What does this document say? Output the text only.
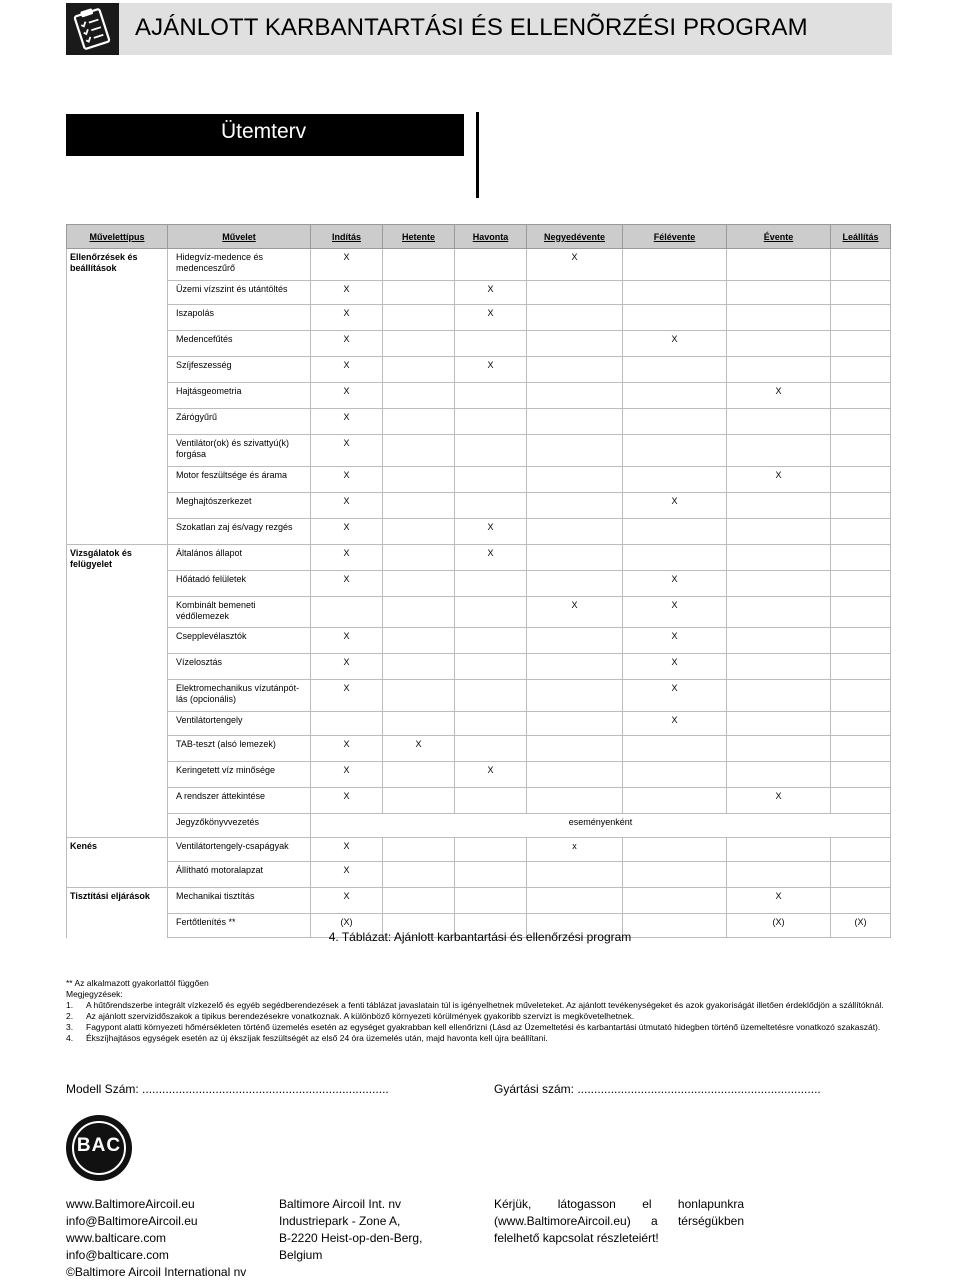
AJÁNLOTT KARBANTARTÁSI ÉS ELLENÕRZÉSI PROGRAM
Ütemterv
Művelettípus	Művelet	Indítás	Hetente	Havonta	Negyedévente	Félévente	Évente	Leállítás
Ellenőrzések és beállítások	Hidegvíz-medence és medenceszűrő	X			X			
	Üzemi vízszint és utántöltés	X		X				
	Iszapolás	X		X				
	Medencefűtés	X				X		
	Szíjfeszesség	X		X				
	Hajtásgeometria	X					X	
	Zárógyűrű	X						
	Ventilátor(ok) és szivattyú(k) forgása	X						
	Motor feszültsége és árama	X					X	
	Meghajtószerkezet	X				X		
	Szokatlan zaj és/vagy rezgés	X		X				
Vizsgálatok és felügyelet	Általános állapot	X		X				
	Hőátadó felületek	X				X		
	Kombinált bemeneti védőlemezek				X	X		
	Csepplevélasztók	X				X		
	Vízelosztás	X				X		
	Elektromechanikus vízutánpót-lás (opcionális)	X				X		
	Ventilátortengely					X		
	TAB-teszt (alsó lemezek)	X	X					
	Keringetett víz minősége	X		X				
	A rendszer áttekintése	X					X	
	Jegyzőkönyvvezetés	eseményenként						
Kenés	Ventilátortengely-csapágyak	X			x			
	Állítható motoralapzat	X						
Tisztítási eljárások	Mechanikai tisztítás	X					X	
	Fertőtlenítés **	(X)					(X)	(X)
4. Táblázat: Ajánlott karbantartási és ellenőrzési program
** Az alkalmazott gyakorlattól függően
Megjegyzések:
1.	A hűtőrendszerbe integrált vízkezelő és egyéb segédberendezések a fenti táblázat javaslatain túl is igényelhetnek műveleteket. Az ajánlott tevékenységeket és azok gyakoriságát illetően érdeklődjön a szállítóknál.
2.	Az ajánlott szervizidőszakok a tipikus berendezésekre vonatkoznak. A különböző környezeti körülmények gyakoribb szervizt is megkövetelhetnek.
3.	Fagypont alatti környezeti hőmérsékleten történő üzemelés esetén az egységet gyakrabban kell ellenőrizni (Lásd az Üzemeltetési és karbantartási útmutató hidegben történő üzemeltetésre vonatkozó szakaszát).
4.	Ékszíjhajtásos egységek esetén az új ékszíjak feszültségét az első 24 óra üzemelés után, majd havonta kell újra beállítani.
Modell Szám: ..........................................................................	Gyártási szám: .........................................................................
BAC
www.BaltimoreAircoil.eu
info@BaltimoreAircoil.eu
www.balticare.com
info@balticare.com
©Baltimore Aircoil International nv
Baltimore Aircoil Int. nv
Industriepark - Zone A,
B-2220 Heist-op-den-Berg,
Belgium
Kérjük, látogasson el honlapunkra (www.BaltimoreAircoil.eu) a térségükben felelhető kapcsolat részleteiért!
